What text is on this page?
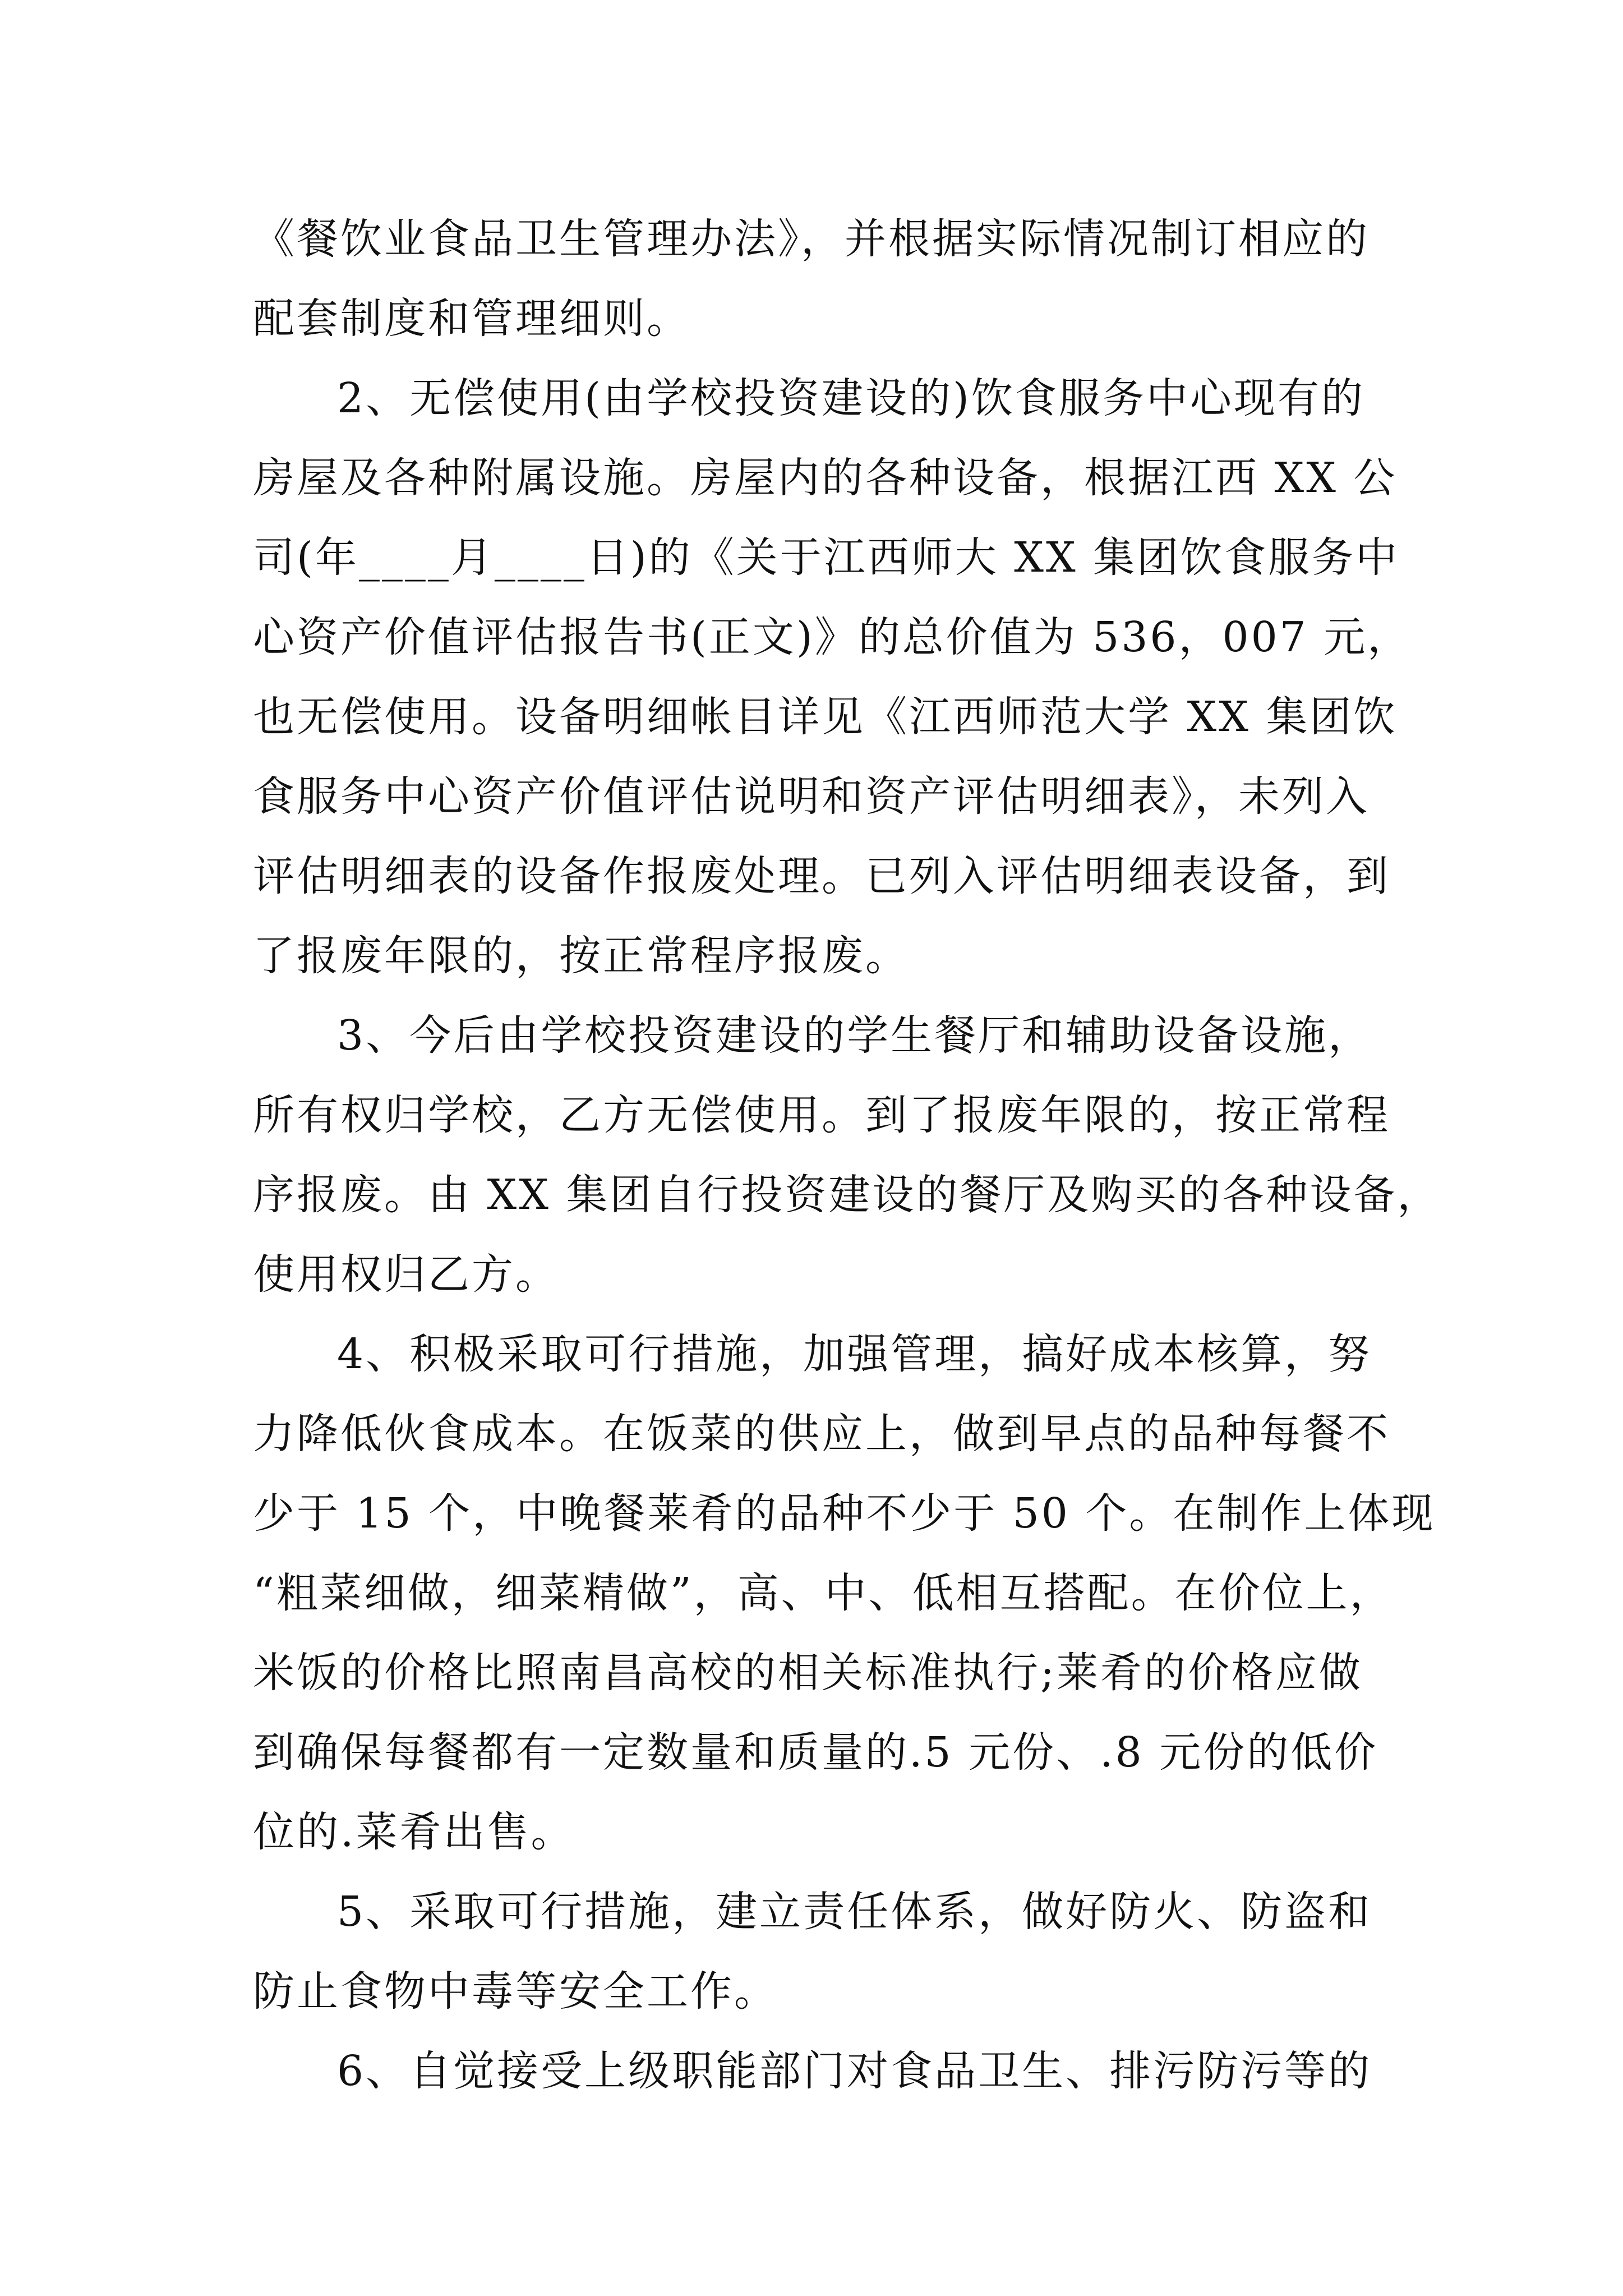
《餐饮业食品卫生管理办法》，并根据实际情况制订相应的
配套制度和管理细则。
2、无偿使用(由学校投资建设的)饮食服务中心现有的
房屋及各种附属设施。房屋内的各种设备，根据江西 XX 公
司(年____月____日)的《关于江西师大 XX 集团饮食服务中
心资产价值评估报告书(正文)》的总价值为 536，007 元，
也无偿使用。设备明细帐目详见《江西师范大学 XX 集团饮
食服务中心资产价值评估说明和资产评估明细表》，未列入
评估明细表的设备作报废处理。已列入评估明细表设备，到
了报废年限的，按正常程序报废。
3、今后由学校投资建设的学生餐厅和辅助设备设施，
所有权归学校，乙方无偿使用。到了报废年限的，按正常程
序报废。由 XX 集团自行投资建设的餐厅及购买的各种设备，
使用权归乙方。
4、积极采取可行措施，加强管理，搞好成本核算，努
力降低伙食成本。在饭菜的供应上，做到早点的品种每餐不
少于 15 个，中晚餐莱肴的品种不少于 50 个。在制作上体现
“粗菜细做，细菜精做”，高、中、低相互搭配。在价位上，
米饭的价格比照南昌高校的相关标准执行;莱肴的价格应做
到确保每餐都有一定数量和质量的.5 元份、.8 元份的低价
位的.菜肴出售。
5、采取可行措施，建立责任体系，做好防火、防盗和
防止食物中毒等安全工作。
6、自觉接受上级职能部门对食品卫生、排污防污等的
